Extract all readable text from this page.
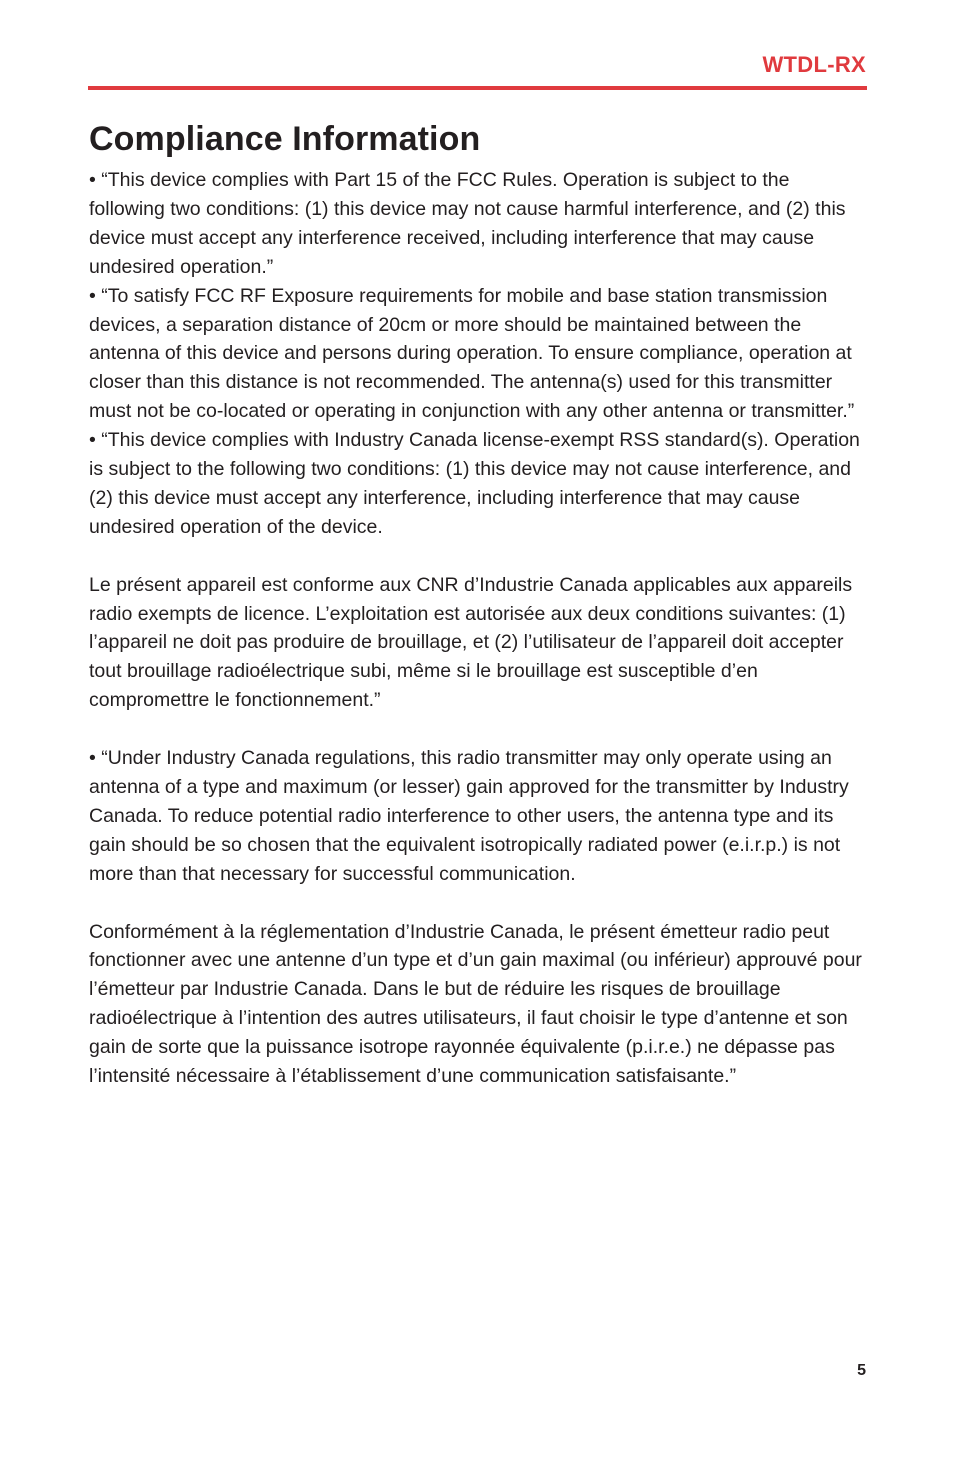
WTDL-RX
Compliance Information

• “This device complies with Part 15 of the FCC Rules. Operation is subject to the following two conditions: (1) this device may not cause harmful interference, and (2) this device must accept any interference received, including interference that may cause undesired operation.”

• “To satisfy FCC RF Exposure requirements for mobile and base station transmission devices, a separation distance of 20cm or more should be maintained between the antenna of this device and persons during operation. To ensure compliance, operation at closer than this distance is not recommended. The antenna(s) used for this transmitter must not be co-located or operating in conjunction with any other antenna or transmitter.”

• “This device complies with Industry Canada license-exempt RSS standard(s). Operation is subject to the following two conditions: (1) this device may not cause interference, and (2) this device must accept any interference, including interference that may cause undesired operation of the device.

Le présent appareil est conforme aux CNR d’Industrie Canada applicables aux appareils radio exempts de licence. L’exploitation est autorisée aux deux conditions suivantes: (1) l’appareil ne doit pas produire de brouillage, et (2) l’utilisateur de l’appareil doit accepter tout brouillage radioélectrique subi, même si le brouillage est susceptible d’en compromettre le fonctionnement.”

• “Under Industry Canada regulations, this radio transmitter may only operate using an antenna of a type and maximum (or lesser) gain approved for the transmitter by Industry Canada. To reduce potential radio interference to other users, the antenna type and its gain should be so chosen that the equivalent isotropically radiated power (e.i.r.p.) is not more than that necessary for successful communication.

Conformément à la réglementation d’Industrie Canada, le présent émetteur radio peut fonctionner avec une antenne d’un type et d’un gain maximal (ou inférieur) approuvé pour l’émetteur par Industrie Canada. Dans le but de réduire les risques de brouillage radioélectrique à l’intention des autres utilisateurs, il faut choisir le type d’antenne et son gain de sorte que la puissance isotrope rayonnée équivalente (p.i.r.e.) ne dépasse pas l’intensité nécessaire à l’établissement d’une communication satisfaisante.”

5
